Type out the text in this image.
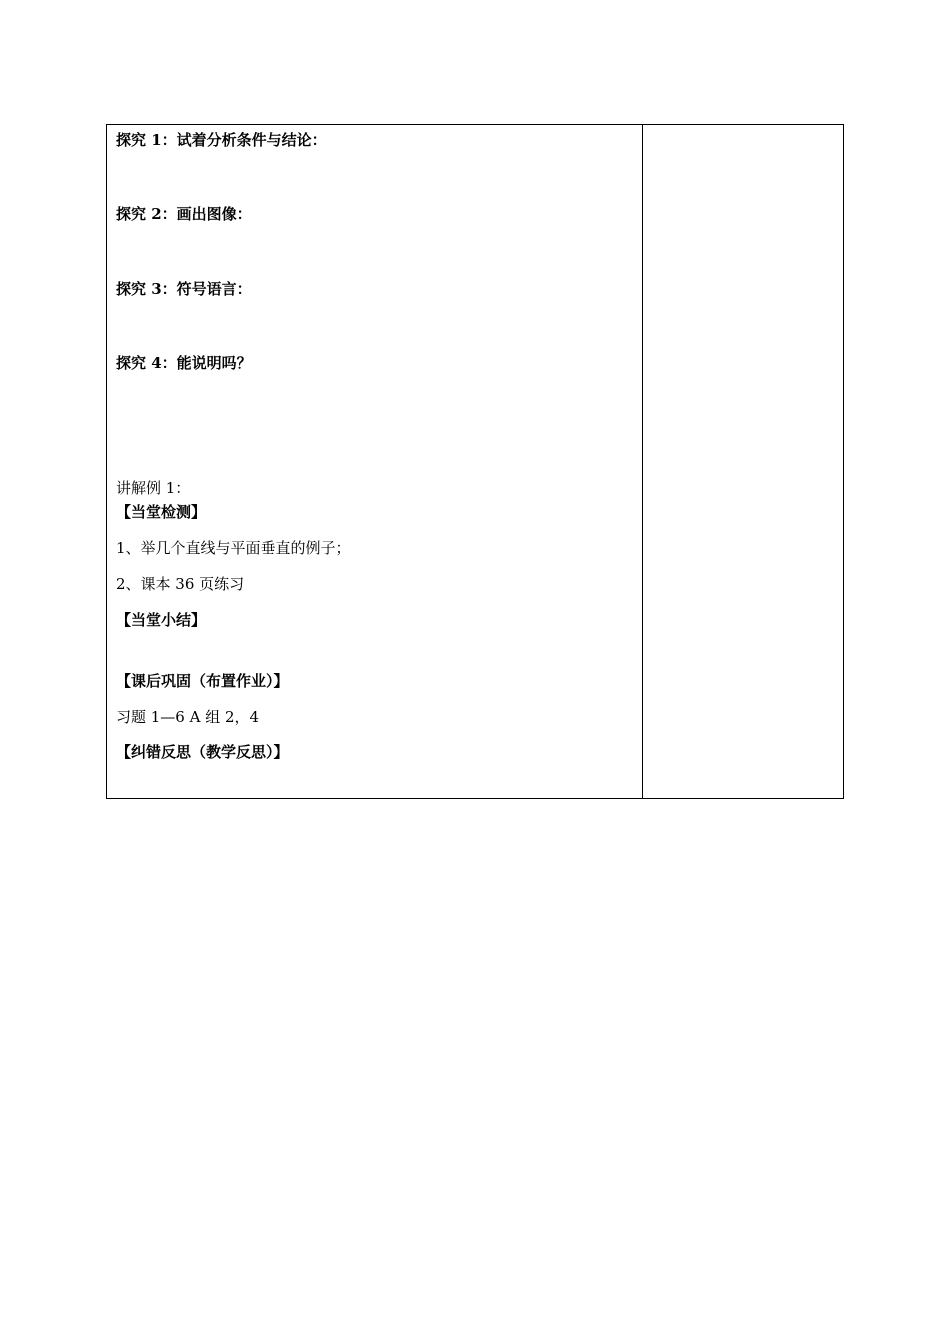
探究 1：试着分析条件与结论：
探究 2：画出图像：
探究 3：符号语言：
探究 4：能说明吗？
讲解例 1：
【当堂检测】
1、举几个直线与平面垂直的例子；
2、课本 36 页练习
【当堂小结】
【课后巩固（布置作业）】
习题 1—6 A 组 2，4
【纠错反思（教学反思）】
